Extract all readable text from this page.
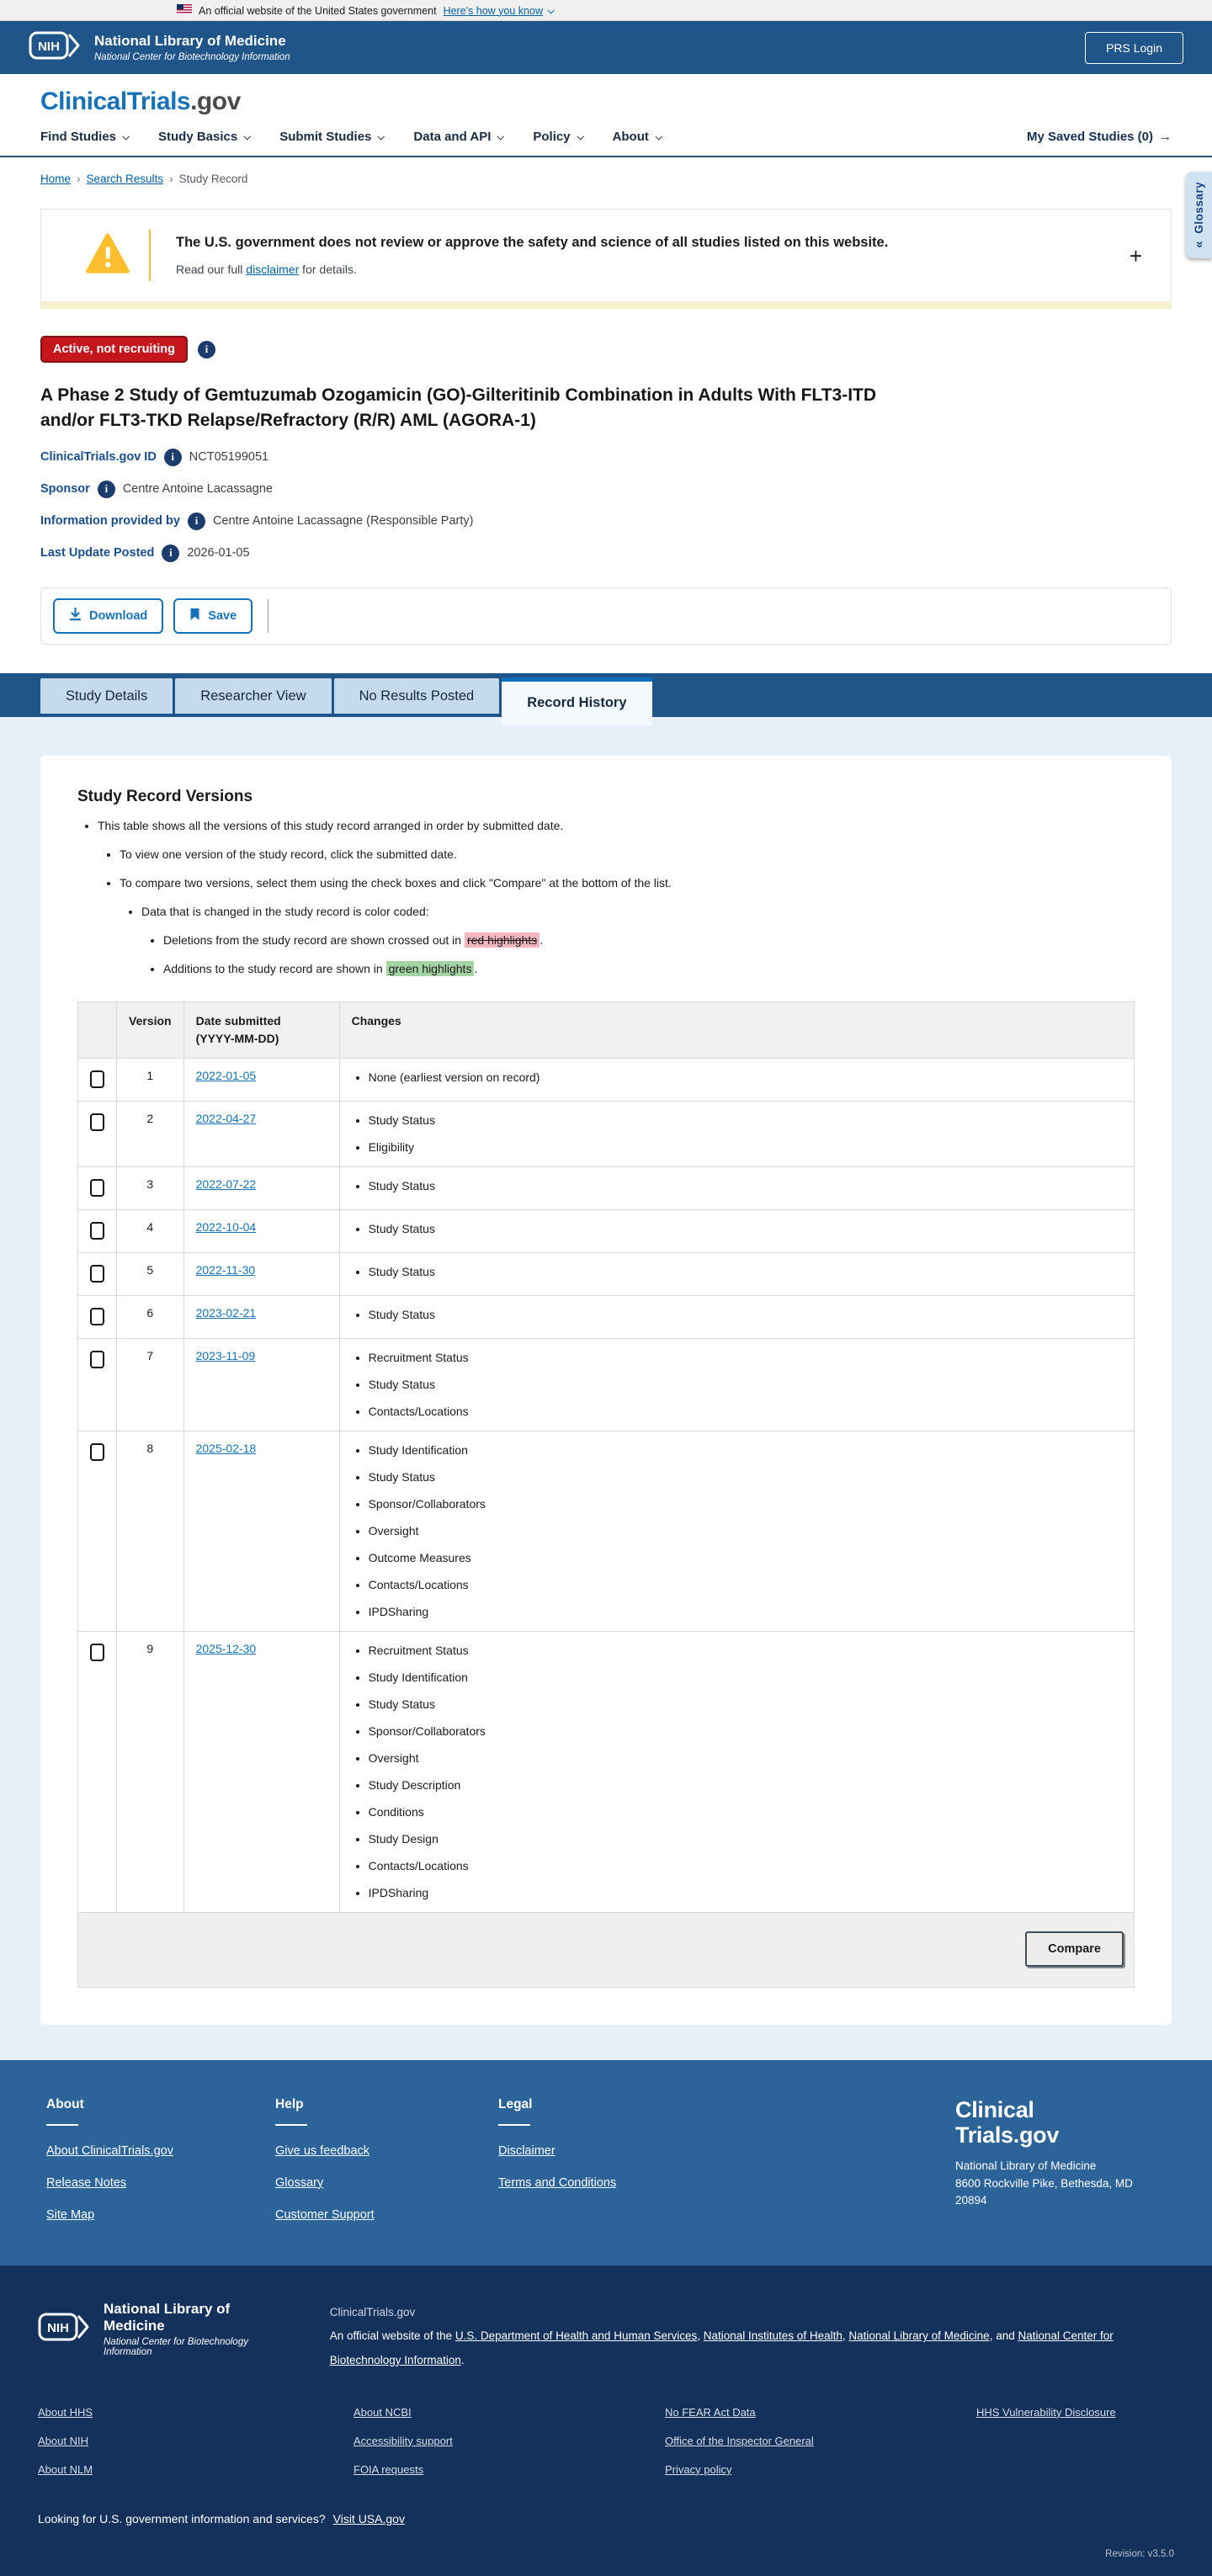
An official website of the United States government Here's how you know
NIH National Library of Medicine
National Center for Biotechnology Information
PRS Login
ClinicalTrials.gov
Find Studies	Study Basics	Submit Studies	Data and API	Policy	About	My Saved Studies (0) →
Home › Search Results › Study Record
«
Glossary
The U.S. government does not review or approve the safety and science of all studies listed on this website.
Read our full disclaimer for details.
+
Active, not recruiting	i
A Phase 2 Study of Gemtuzumab Ozogamicin (GO)-Gilteritinib Combination in Adults With FLT3-ITD and/or FLT3-TKD Relapse/Refractory (R/R) AML (AGORA-1)
ClinicalTrials.gov ID	i	NCT05199051
Sponsor	i	Centre Antoine Lacassagne
Information provided by	i	Centre Antoine Lacassagne (Responsible Party)
Last Update Posted	i	2026-01-05
Download	Save
Study Details	Researcher View	No Results Posted	Record History
Study Record Versions
• This table shows all the versions of this study record arranged in order by submitted date.
• To view one version of the study record, click the submitted date.
• To compare two versions, select them using the check boxes and click "Compare" at the bottom of the list.
• Data that is changed in the study record is color coded:
• Deletions from the study record are shown crossed out in red highlights .
• Additions to the study record are shown in green highlights .
	Version	Date submitted
(YYYY-MM-DD)	Changes
	1	2022-01-05	
•None (earliest version on record)

	2	2022-04-27	
•Study Status
• Eligibility

	3	2022-07-22	
•Study Status

	4	2022-10-04	
•Study Status

	5	2022-11-30	
•Study Status

	6	2023-02-21	
•Study Status

	7	2023-11-09	
•Recruitment Status
• Study Status
• Contacts/Locations

	8	2025-02-18	
•Study Identification
• Study Status
• Sponsor/Collaborators
• Oversight
• Outcome Measures
• Contacts/Locations
• IPDSharing

	9	2025-12-30	
•Recruitment Status
• Study Identification
• Study Status
• Sponsor/Collaborators
• Oversight
• Study Description
• Conditions
• Study Design
• Contacts/Locations
• IPDSharing

Compare			
About
About ClinicalTrials.gov
Release Notes
Site Map
Help
Give us feedback
Glossary
Customer Support
Legal
Disclaimer
Terms and Conditions
Clinical
Trials.gov
National Library of Medicine
8600 Rockville Pike, Bethesda, MD
20894
NIH
National Library of Medicine
National Center for Biotechnology Information
ClinicalTrials.gov
An official website of the U.S. Department of Health and Human Services, National Institutes of Health, National Library of Medicine, and National Center for Biotechnology Information.
About HHS
About NIH
About NLM
About NCBI
Accessibility support
FOIA requests
No FEAR Act Data
Office of the Inspector General
Privacy policy
HHS Vulnerability Disclosure
Looking for U.S. government information and services? Visit USA.gov
Revision: v3.5.0
